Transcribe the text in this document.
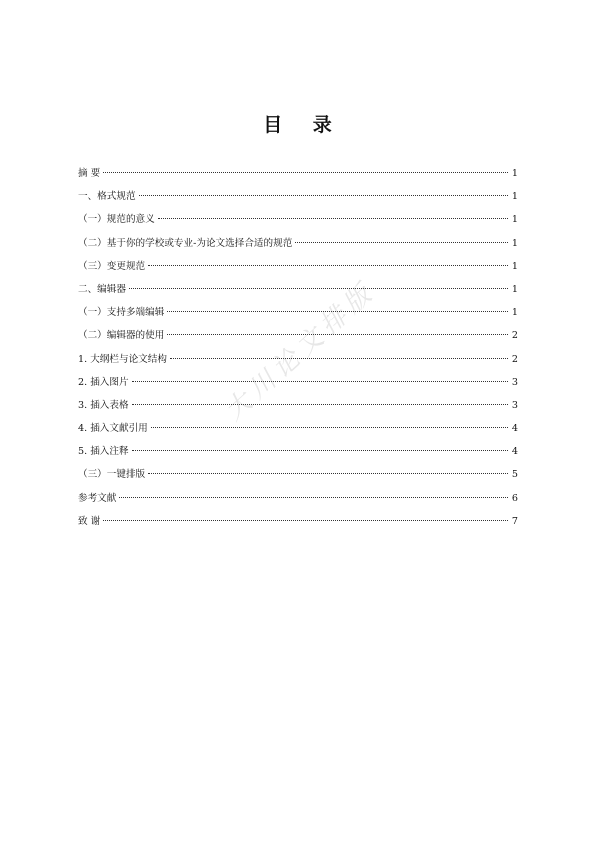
目 录
摘 要	1
一、格式规范	1
（一）规范的意义	1
（二）基于你的学校或专业-为论文选择合适的规范	1
（三）变更规范	1
二、编辑器	1
（一）支持多端编辑	1
（二）编辑器的使用	2
1. 大纲栏与论文结构	2
2. 插入图片	3
3. 插入表格	3
4. 插入文献引用	4
5. 插入注释	4
（三）一键排版	5
参考文献	6
致 谢	7
大川论文排版
